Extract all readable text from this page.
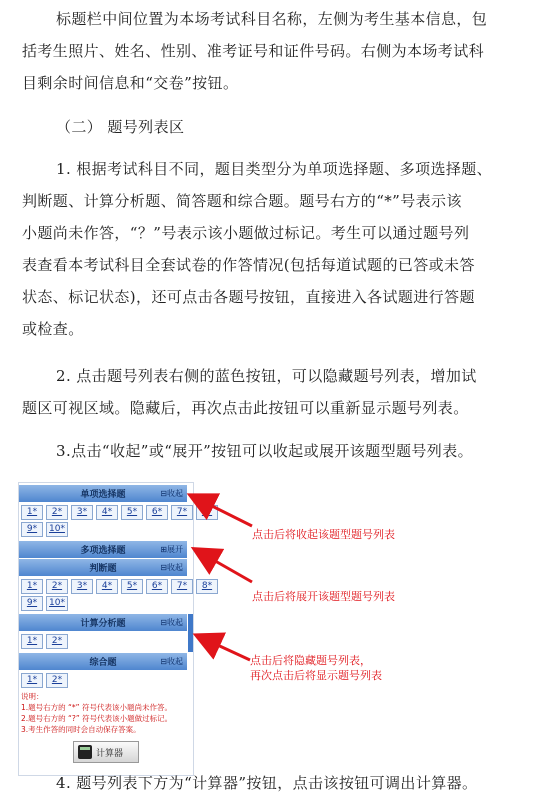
标题栏中间位置为本场考试科目名称，左侧为考生基本信息，包
括考生照片、姓名、性别、准考证号和证件号码。右侧为本场考试科
目剩余时间信息和“交卷”按钮。
（二） 题号列表区
1. 根据考试科目不同，题目类型分为单项选择题、多项选择题、
判断题、计算分析题、简答题和综合题。题号右方的“*”号表示该
小题尚未作答，“？”号表示该小题做过标记。考生可以通过题号列
表查看本考试科目全套试卷的作答情况(包括每道试题的已答或未答
状态、标记状态)，还可点击各题号按钮，直接进入各试题进行答题
或检查。
2. 点击题号列表右侧的蓝色按钮，可以隐藏题号列表，增加试
题区可视区域。隐藏后，再次点击此按钮可以重新显示题号列表。
3.点击“收起”或“展开”按钮可以收起或展开该题型题号列表。
单项选择题	⊟收起
1*	2*	3*	4*	5*	6*	7*	8*
9*	10*
多项选择题	⊞展开
判断题	⊟收起
1*	2*	3*	4*	5*	6*	7*	8*
9*	10*
计算分析题	⊟收起
1*	2*
综合题	⊟收起
1*	2*
说明：
1.题号右方的 “*” 符号代表该小题尚未作答。
2.题号右方的 “?” 符号代表该小题做过标记。
3.考生作答的同时会自动保存答案。
计算器
点击后将收起该题型题号列表
点击后将展开该题型题号列表
点击后将隐藏题号列表，
再次点击后将显示题号列表
4. 题号列表下方为“计算器”按钮，点击该按钮可调出计算器。
